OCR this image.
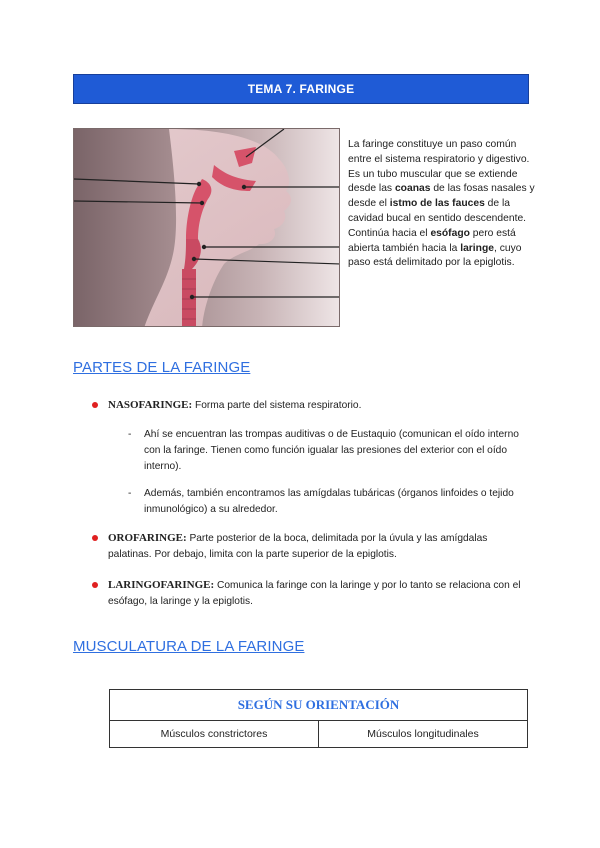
TEMA 7. FARINGE
La faringe constituye un paso común entre el sistema respiratorio y digestivo. Es un tubo muscular que se extiende desde las coanas de las fosas nasales y desde el istmo de las fauces de la cavidad bucal en sentido descendente. Continúa hacia el esófago pero está abierta también hacia la laringe, cuyo paso está delimitado por la epiglotis.
PARTES DE LA FARINGE
NASOFARINGE: Forma parte del sistema respiratorio.
- Ahí se encuentran las trompas auditivas o de Eustaquio (comunican el oído interno con la faringe. Tienen como función igualar las presiones del exterior con el oído interno).
- Además, también encontramos las amígdalas tubáricas (órganos linfoides o tejido inmunológico) a su alrededor.
OROFARINGE: Parte posterior de la boca, delimitada por la úvula y las amígdalas palatinas. Por debajo, limita con la parte superior de la epiglotis.
LARINGOFARINGE: Comunica la faringe con la laringe y por lo tanto se relaciona con el esófago, la laringe y la epiglotis.
MUSCULATURA DE LA FARINGE
SEGÚN SU ORIENTACIÓN
Músculos constrictores	Músculos longitudinales
